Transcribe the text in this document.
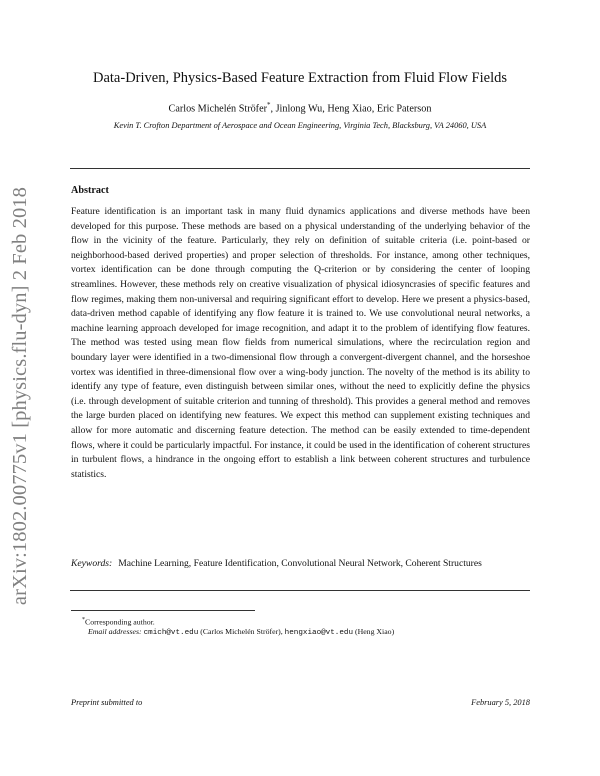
arXiv:1802.00775v1 [physics.flu-dyn] 2 Feb 2018
Data-Driven, Physics-Based Feature Extraction from Fluid Flow Fields
Carlos Michelén Ströfer*, Jinlong Wu, Heng Xiao, Eric Paterson
Kevin T. Crofton Department of Aerospace and Ocean Engineering, Virginia Tech, Blacksburg, VA 24060, USA
Abstract

Feature identification is an important task in many fluid dynamics applications and diverse methods have been developed for this purpose. These methods are based on a physical understanding of the underlying behavior of the flow in the vicinity of the feature. Particularly, they rely on definition of suitable criteria (i.e. point-based or neighborhood-based derived properties) and proper selection of thresholds. For instance, among other techniques, vortex identification can be done through computing the Q-criterion or by considering the center of looping streamlines. However, these methods rely on creative visualization of physical idiosyncrasies of specific features and flow regimes, making them non-universal and requiring significant effort to develop. Here we present a physics-based, data-driven method capable of identifying any flow feature it is trained to. We use convolutional neural networks, a machine learning approach developed for image recognition, and adapt it to the problem of identifying flow features. The method was tested using mean flow fields from numerical simulations, where the recirculation region and boundary layer were identified in a two-dimensional flow through a convergent-divergent channel, and the horseshoe vortex was identified in three-dimensional flow over a wing-body junction. The novelty of the method is its ability to identify any type of feature, even distinguish between similar ones, without the need to explicitly define the physics (i.e. through development of suitable criterion and tunning of threshold). This provides a general method and removes the large burden placed on identifying new features. We expect this method can supplement existing techniques and allow for more automatic and discerning feature detection. The method can be easily extended to time-dependent flows, where it could be particularly impactful. For instance, it could be used in the identification of coherent structures in turbulent flows, a hindrance in the ongoing effort to establish a link between coherent structures and turbulence statistics.

Keywords: Machine Learning, Feature Identification, Convolutional Neural Network, Coherent Structures
*Corresponding author.
Email addresses: cmich@vt.edu (Carlos Michelén Ströfer), hengxiao@vt.edu (Heng Xiao)
Preprint submitted to	February 5, 2018
